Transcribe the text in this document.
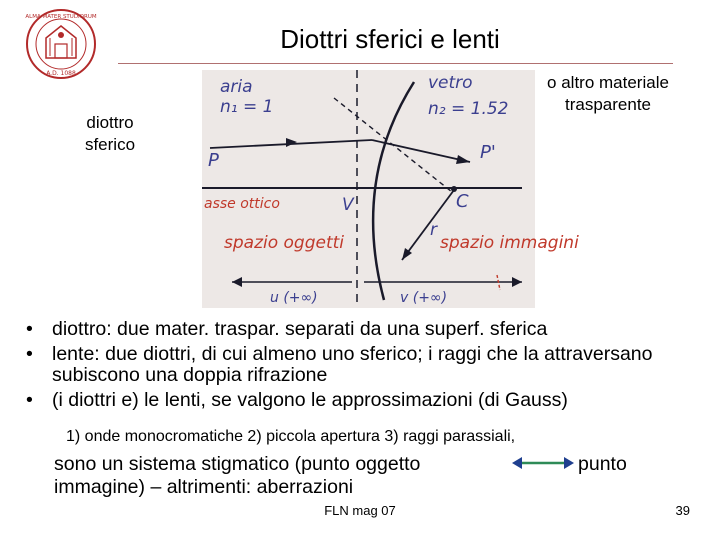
ALMA MATER STUDIORUM
A.D. 1088
Diottri sferici e lenti
diottro sferico
o altro materiale trasparente
aria
n₁ = 1
vetro
n₂ = 1.52
P	P'
asse ottico	V	C
r
spazio oggetti	spazio immagini
u (+∞)	v (+∞)
• diottro: due mater. traspar. separati da una superf. sferica
• lente: due diottri, di cui almeno uno sferico; i raggi che la attraversano subiscono una doppia rifrazione
• (i diottri e) le lenti, se valgono le approssimazioni (di Gauss)
1) onde monocromatiche 2) piccola apertura 3) raggi parassiali,
sono un sistema stigmatico (punto oggetto	punto
immagine) – altrimenti: aberrazioni
FLN mag 07	39
